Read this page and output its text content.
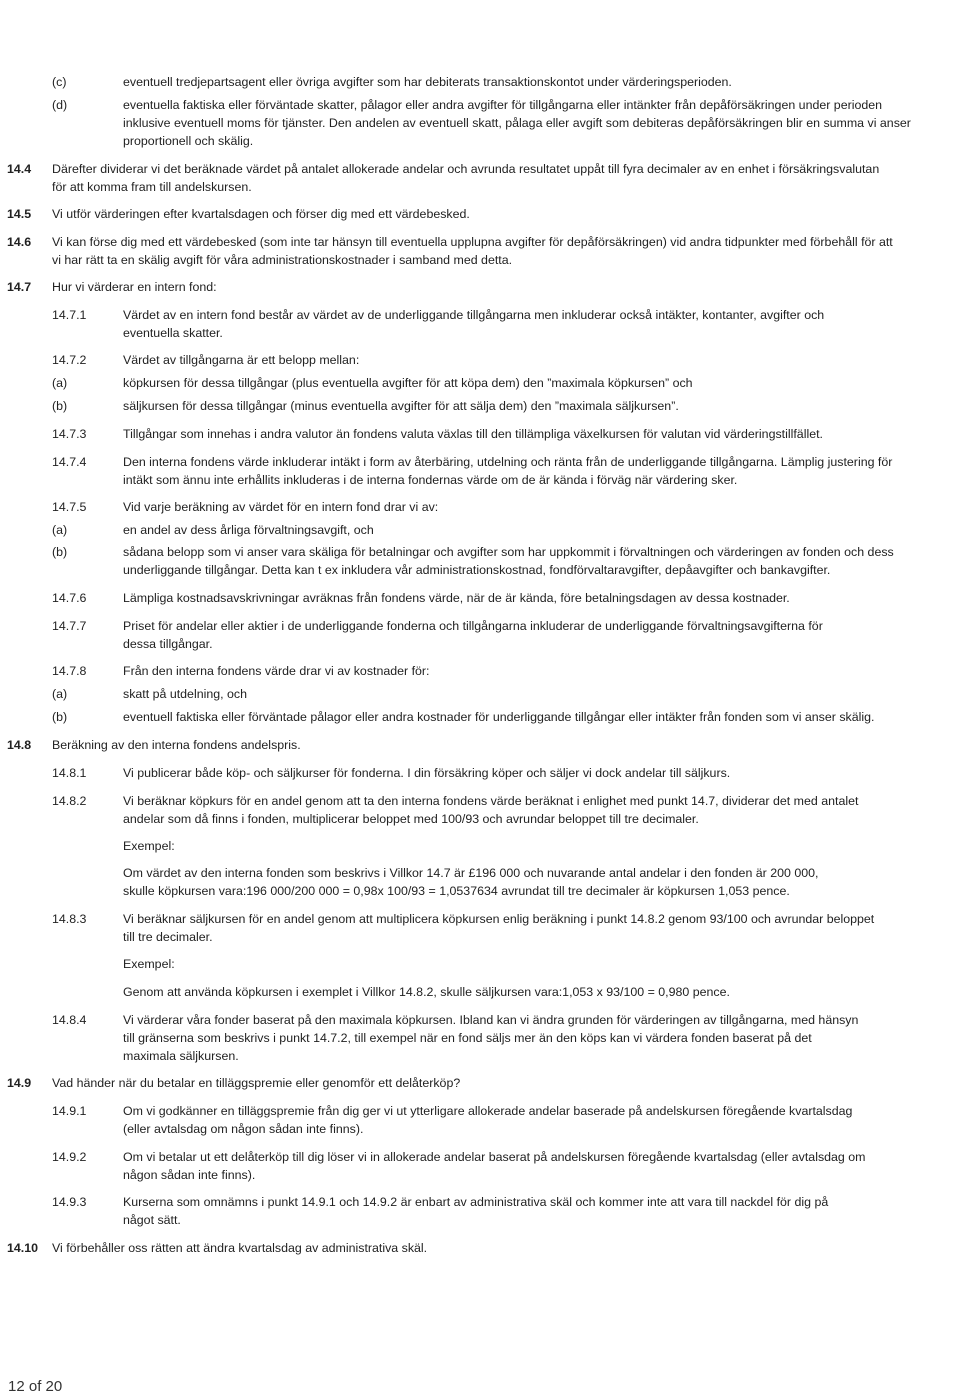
(c)	eventuell tredjepartsagent eller övriga avgifter som har debiterats transaktionskontot under värderingsperioden.
(d)	eventuella faktiska eller förväntade skatter, pålagor eller andra avgifter för tillgångarna eller intänkter från depåförsäkringen under perioden
inklusive eventuell moms för tjänster. Den andelen av eventuell skatt, pålaga eller avgift som debiteras depåförsäkringen blir en summa vi anser
proportionell och skälig.
14.4 Därefter dividerar vi det beräknade värdet på antalet allokerade andelar och avrunda resultatet uppåt till fyra decimaler av en enhet i försäkringsvalutan
för att komma fram till andelskursen.
14.5 Vi utför värderingen efter kvartalsdagen och förser dig med ett värdebesked.
14.6 Vi kan förse dig med ett värdebesked (som inte tar hänsyn till eventuella upplupna avgifter för depåförsäkringen) vid andra tidpunkter med förbehåll för att
vi har rätt ta en skälig avgift för våra administrationskostnader i samband med detta.
14.7 Hur vi värderar en intern fond:
14.7.1	Värdet av en intern fond består av värdet av de underliggande tillgångarna men inkluderar också intäkter, kontanter, avgifter och
eventuella skatter.
14.7.2	Värdet av tillgångarna är ett belopp mellan:
(a)	köpkursen för dessa tillgångar (plus eventuella avgifter för att köpa dem) den ”maximala köpkursen” och
(b)	säljkursen för dessa tillgångar (minus eventuella avgifter för att sälja dem) den ”maximala säljkursen”.
14.7.3	Tillgångar som innehas i andra valutor än fondens valuta växlas till den tillämpliga växelkursen för valutan vid värderingstillfället.
14.7.4	Den interna fondens värde inkluderar intäkt i form av återbäring, utdelning och ränta från de underliggande tillgångarna. Lämplig justering för
intäkt som ännu inte erhållits inkluderas i de interna fondernas värde om de är kända i förväg när värdering sker.
14.7.5	Vid varje beräkning av värdet för en intern fond drar vi av:
(a)	en andel av dess årliga förvaltningsavgift, och
(b)	sådana belopp som vi anser vara skäliga för betalningar och avgifter som har uppkommit i förvaltningen och värderingen av fonden och dess
underliggande tillgångar. Detta kan t ex inkludera vår administrationskostnad, fondförvaltaravgifter, depåavgifter och bankavgifter.
14.7.6	Lämpliga kostnadsavskrivningar avräknas från fondens värde, när de är kända, före betalningsdagen av dessa kostnader.
14.7.7	Priset för andelar eller aktier i de underliggande fonderna och tillgångarna inkluderar de underliggande förvaltningsavgifterna för
dessa tillgångar.
14.7.8	Från den interna fondens värde drar vi av kostnader för:
(a)	skatt på utdelning, och
(b)	eventuell faktiska eller förväntade pålagor eller andra kostnader för underliggande tillgångar eller intäkter från fonden som vi anser skälig.
14.8 Beräkning av den interna fondens andelspris.
14.8.1	Vi publicerar både köp- och säljkurser för fonderna. I din försäkring köper och säljer vi dock andelar till säljkurs.
14.8.2	Vi beräknar köpkurs för en andel genom att ta den interna fondens värde beräknat i enlighet med punkt 14.7, dividerar det med antalet
andelar som då finns i fonden, multiplicerar beloppet med 100/93 och avrundar beloppet till tre decimaler.
Exempel:
Om värdet av den interna fonden som beskrivs i Villkor 14.7 är £196 000 och nuvarande antal andelar i den fonden är 200 000,
skulle köpkursen vara:196 000/200 000 = 0,98x 100/93 = 1,0537634 avrundat till tre decimaler är köpkursen 1,053 pence.
14.8.3	Vi beräknar säljkursen för en andel genom att multiplicera köpkursen enlig beräkning i punkt 14.8.2 genom 93/100 och avrundar beloppet
till tre decimaler.
Exempel:
Genom att använda köpkursen i exemplet i Villkor 14.8.2, skulle säljkursen vara:1,053 x 93/100 = 0,980 pence.
14.8.4	Vi värderar våra fonder baserat på den maximala köpkursen. Ibland kan vi ändra grunden för värderingen av tillgångarna, med hänsyn
till gränserna som beskrivs i punkt 14.7.2, till exempel när en fond säljs mer än den köps kan vi värdera fonden baserat på det
maximala säljkursen.
14.9 Vad händer när du betalar en tilläggspremie eller genomför ett delåterköp?
14.9.1	Om vi godkänner en tilläggspremie från dig ger vi ut ytterligare allokerade andelar baserade på andelskursen föregående kvartalsdag
(eller avtalsdag om någon sådan inte finns).
14.9.2	Om vi betalar ut ett delåterköp till dig löser vi in allokerade andelar baserat på andelskursen föregående kvartalsdag (eller avtalsdag om
någon sådan inte finns).
14.9.3	Kurserna som omnämns i punkt 14.9.1 och 14.9.2 är enbart av administrativa skäl och kommer inte att vara till nackdel för dig på
något sätt.
14.10 Vi förbehåller oss rätten att ändra kvartalsdag av administrativa skäl.
12 of 20
